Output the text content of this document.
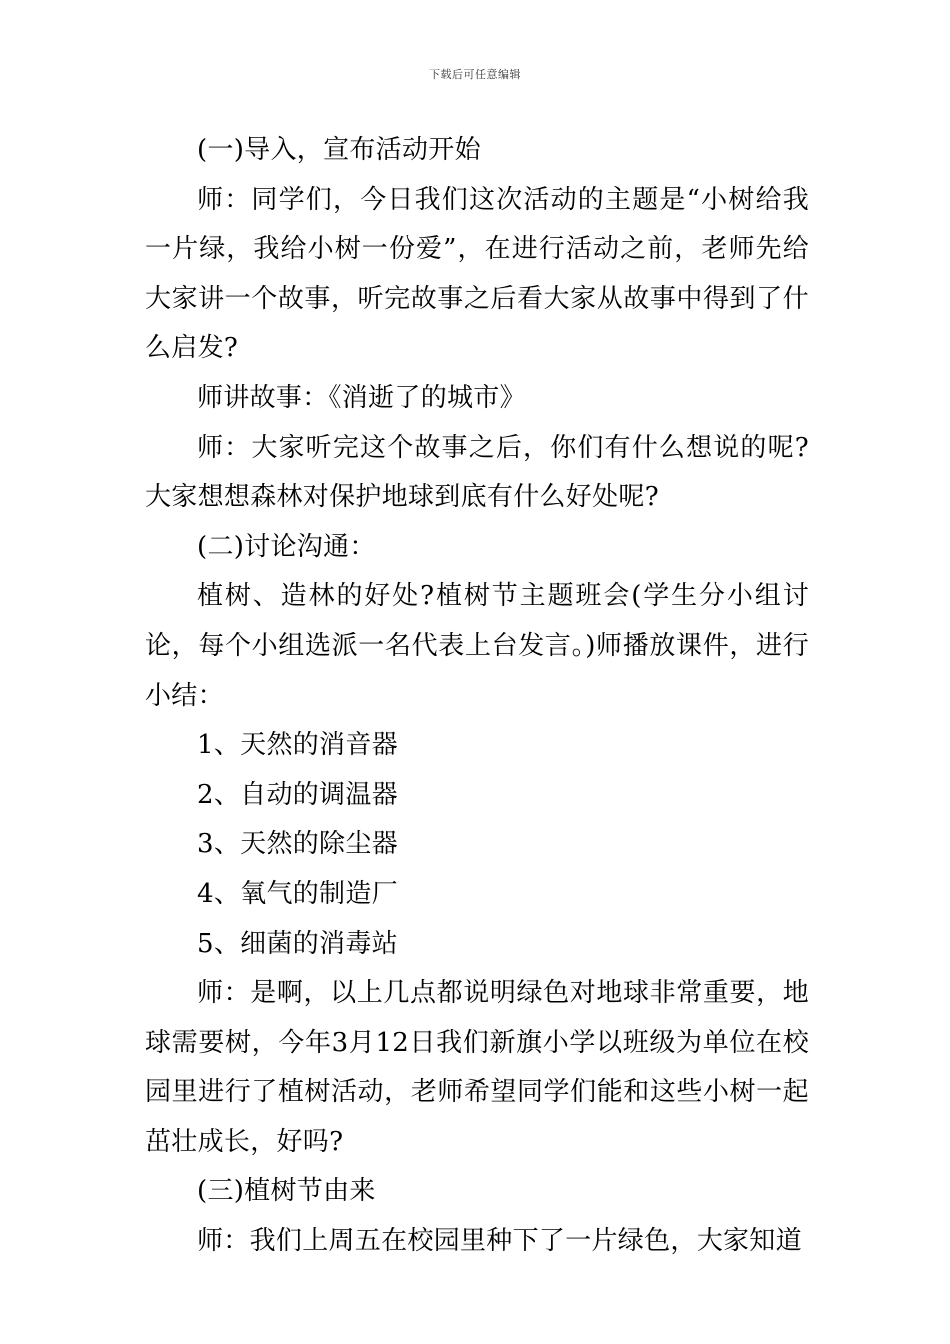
下载后可任意编辑

(一)导入，宣布活动开始

师：同学们，今日我们这次活动的主题是“小树给我一片绿，我给小树一份爱”，在进行活动之前，老师先给大家讲一个故事，听完故事之后看大家从故事中得到了什么启发?

师讲故事：《消逝了的城市》

师：大家听完这个故事之后，你们有什么想说的呢?大家想想森林对保护地球到底有什么好处呢?

(二)讨论沟通：

植树、造林的好处?植树节主题班会(学生分小组讨论，每个小组选派一名代表上台发言。)师播放课件，进行小结：

1、天然的消音器

2、自动的调温器

3、天然的除尘器

4、氧气的制造厂

5、细菌的消毒站

师：是啊，以上几点都说明绿色对地球非常重要，地球需要树，今年3月12日我们新旗小学以班级为单位在校园里进行了植树活动，老师希望同学们能和这些小树一起茁壮成长，好吗?

(三)植树节由来

师：我们上周五在校园里种下了一片绿色，大家知道
